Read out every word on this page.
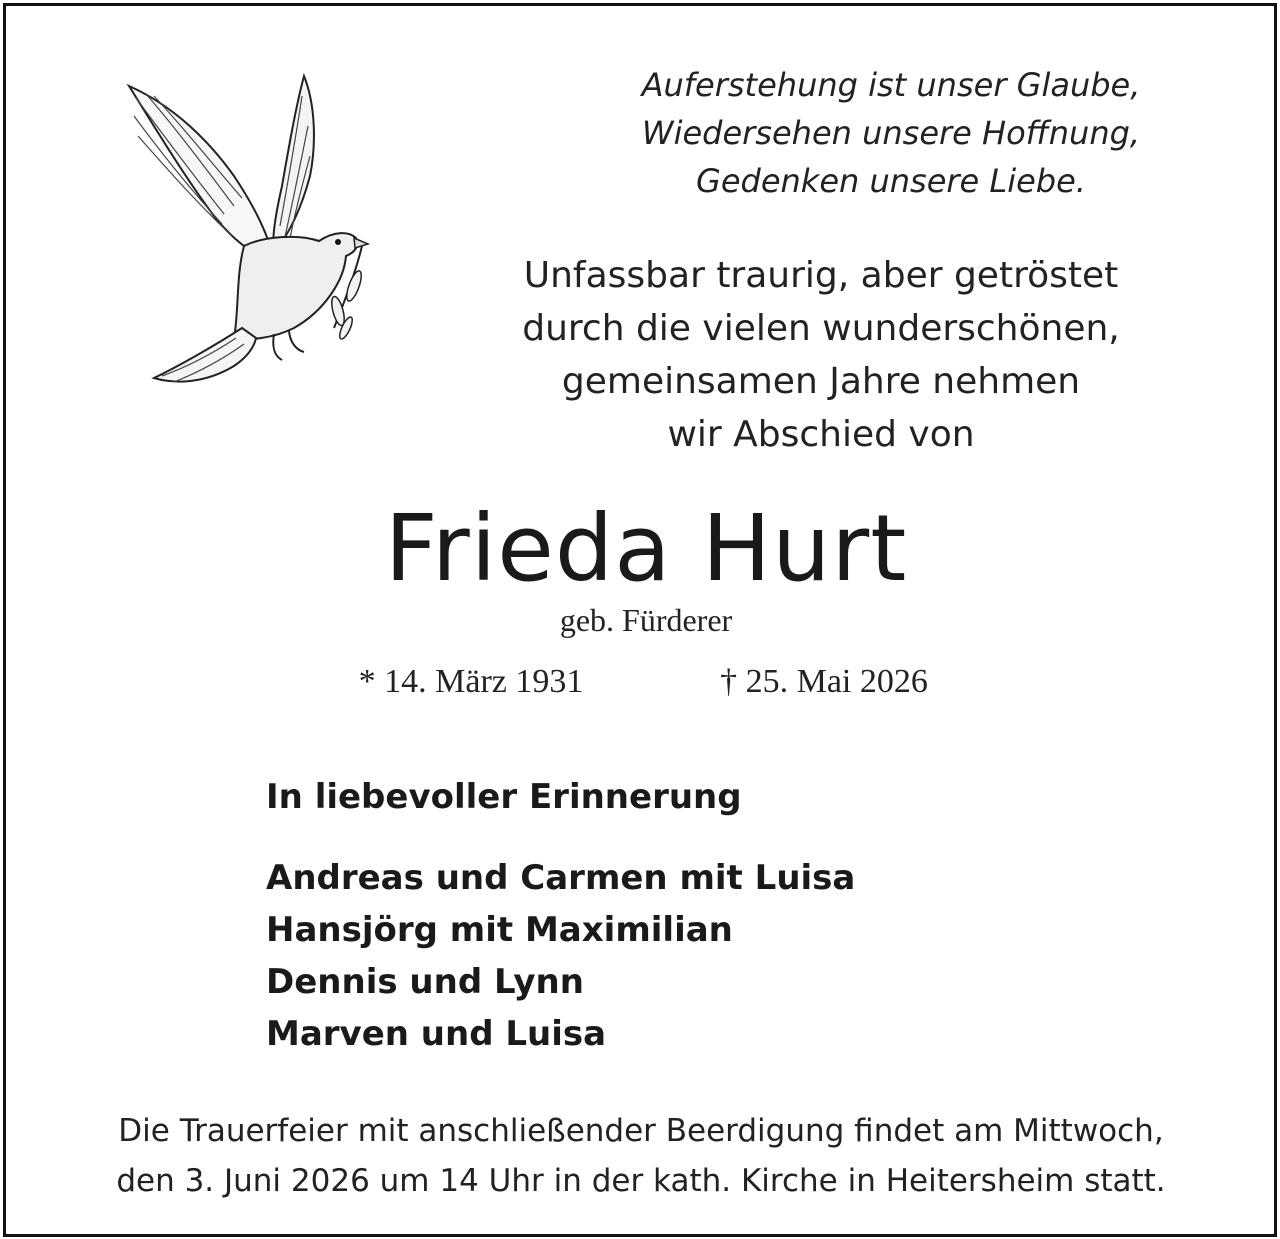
Auferstehung ist unser Glaube,
Wiedersehen unsere Hoffnung,
Gedenken unsere Liebe.
Unfassbar traurig, aber getröstet
durch die vielen wunderschönen,
gemeinsamen Jahre nehmen
wir Abschied von
Frieda Hurt
geb. Fürderer
* 14. März 1931	† 25. Mai 2026
In liebevoller Erinnerung
Andreas und Carmen mit Luisa
Hansjörg mit Maximilian
Dennis und Lynn
Marven und Luisa
Die Trauerfeier mit anschließender Beerdigung findet am Mittwoch,
den 3. Juni 2026 um 14 Uhr in der kath. Kirche in Heitersheim statt.
